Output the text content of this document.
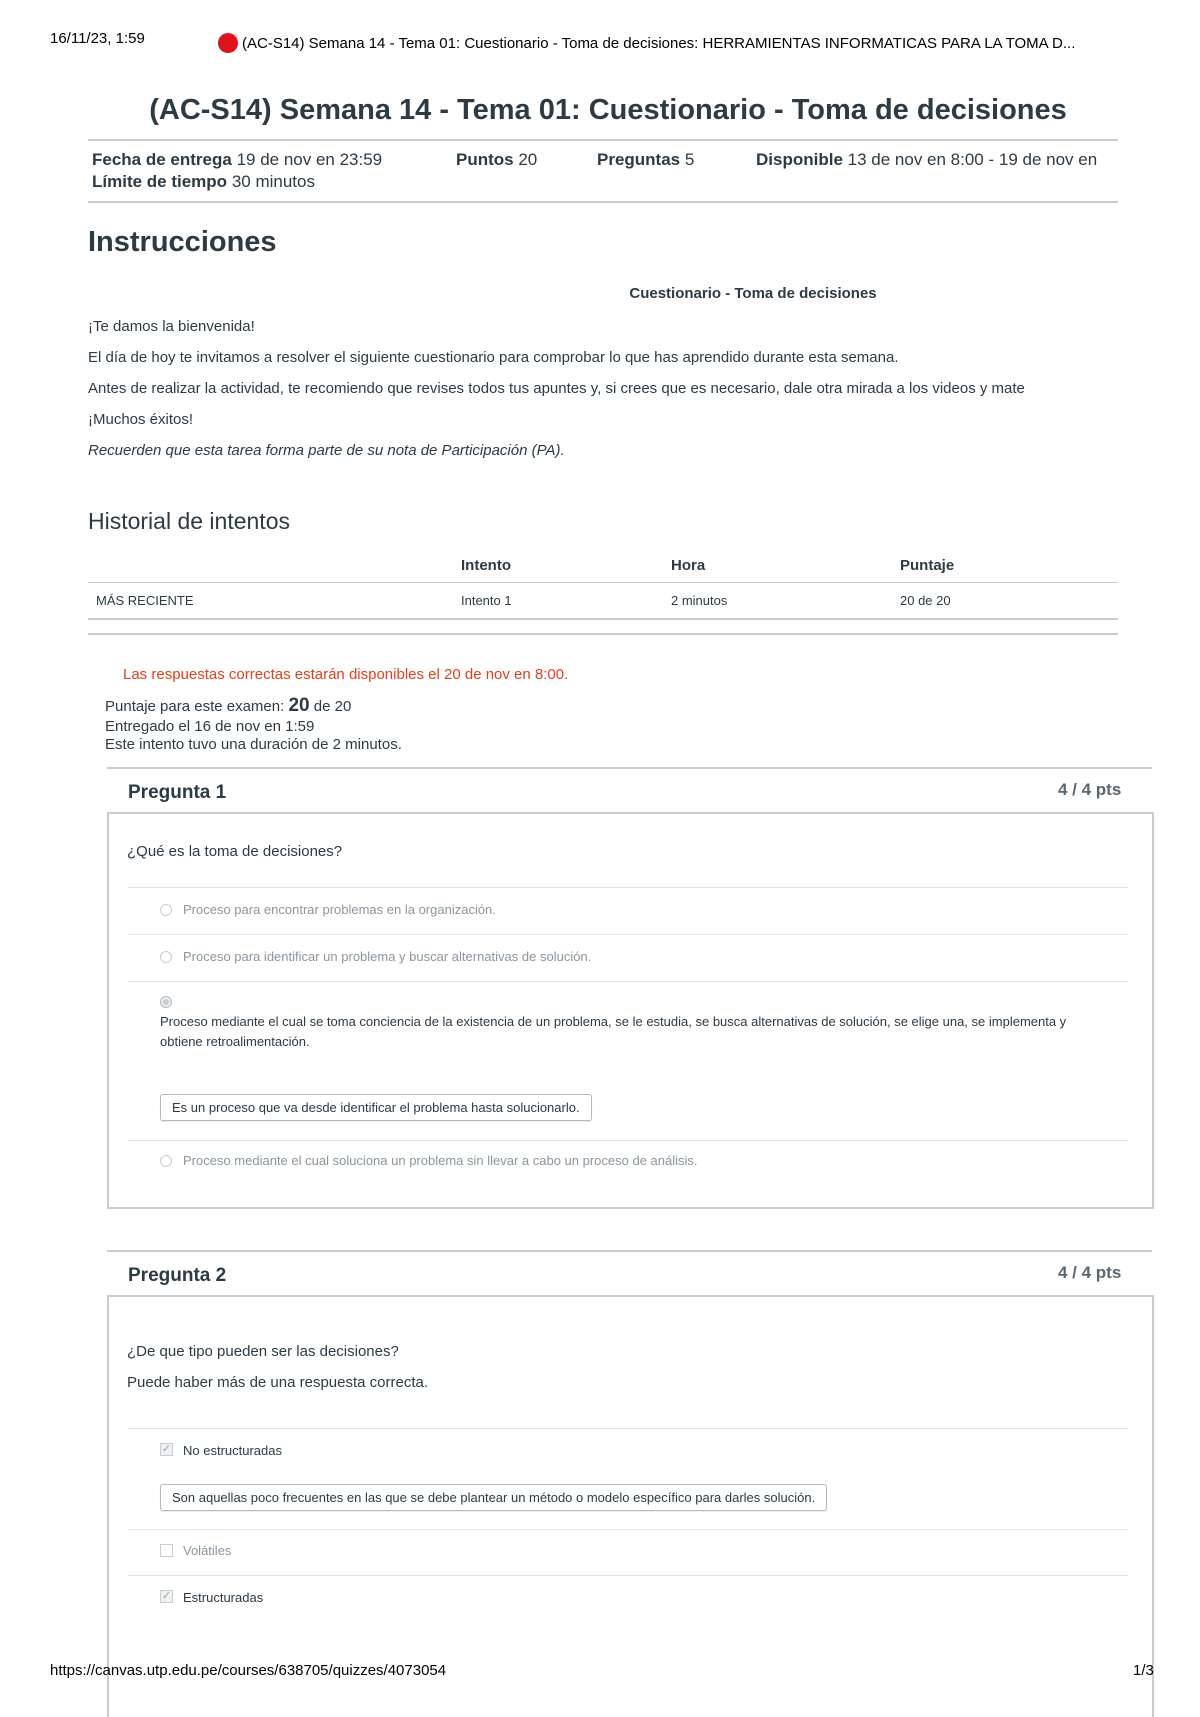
16/11/23, 1:59	(AC-S14) Semana 14 - Tema 01: Cuestionario - Toma de decisiones: HERRAMIENTAS INFORMATICAS PARA LA TOMA D...
(AC-S14) Semana 14 - Tema 01: Cuestionario - Toma de decisiones
Fecha de entrega 19 de nov en 23:59	Puntos 20	Preguntas 5	Disponible 13 de nov en 8:00 - 19 de nov en
Límite de tiempo 30 minutos
Instrucciones
Cuestionario - Toma de decisiones
¡Te damos la bienvenida!
El día de hoy te invitamos a resolver el siguiente cuestionario para comprobar lo que has aprendido durante esta semana.
Antes de realizar la actividad, te recomiendo que revises todos tus apuntes y, si crees que es necesario, dale otra mirada a los videos y mate
¡Muchos éxitos!
Recuerden que esta tarea forma parte de su nota de Participación (PA).
Historial de intentos
	Intento	Hora	Puntaje
MÁS RECIENTE	Intento 1	2 minutos	20 de 20
Las respuestas correctas estarán disponibles el 20 de nov en 8:00.
Puntaje para este examen: 20 de 20
Entregado el 16 de nov en 1:59
Este intento tuvo una duración de 2 minutos.
Pregunta 1	4 / 4 pts
¿Qué es la toma de decisiones?
Proceso para encontrar problemas en la organización.
Proceso para identificar un problema y buscar alternativas de solución.
Proceso mediante el cual se toma conciencia de la existencia de un problema, se le estudia, se busca alternativas de solución, se elige una, se implementa y obtiene retroalimentación.
Es un proceso que va desde identificar el problema hasta solucionarlo.
Proceso mediante el cual soluciona un problema sin llevar a cabo un proceso de análisis.
Pregunta 2	4 / 4 pts
¿De que tipo pueden ser las decisiones?
Puede haber más de una respuesta correcta.
✓ No estructuradas
Son aquellas poco frecuentes en las que se debe plantear un método o modelo específico para darles solución.
Volátiles
✓ Estructuradas
https://canvas.utp.edu.pe/courses/638705/quizzes/4073054	1/3
